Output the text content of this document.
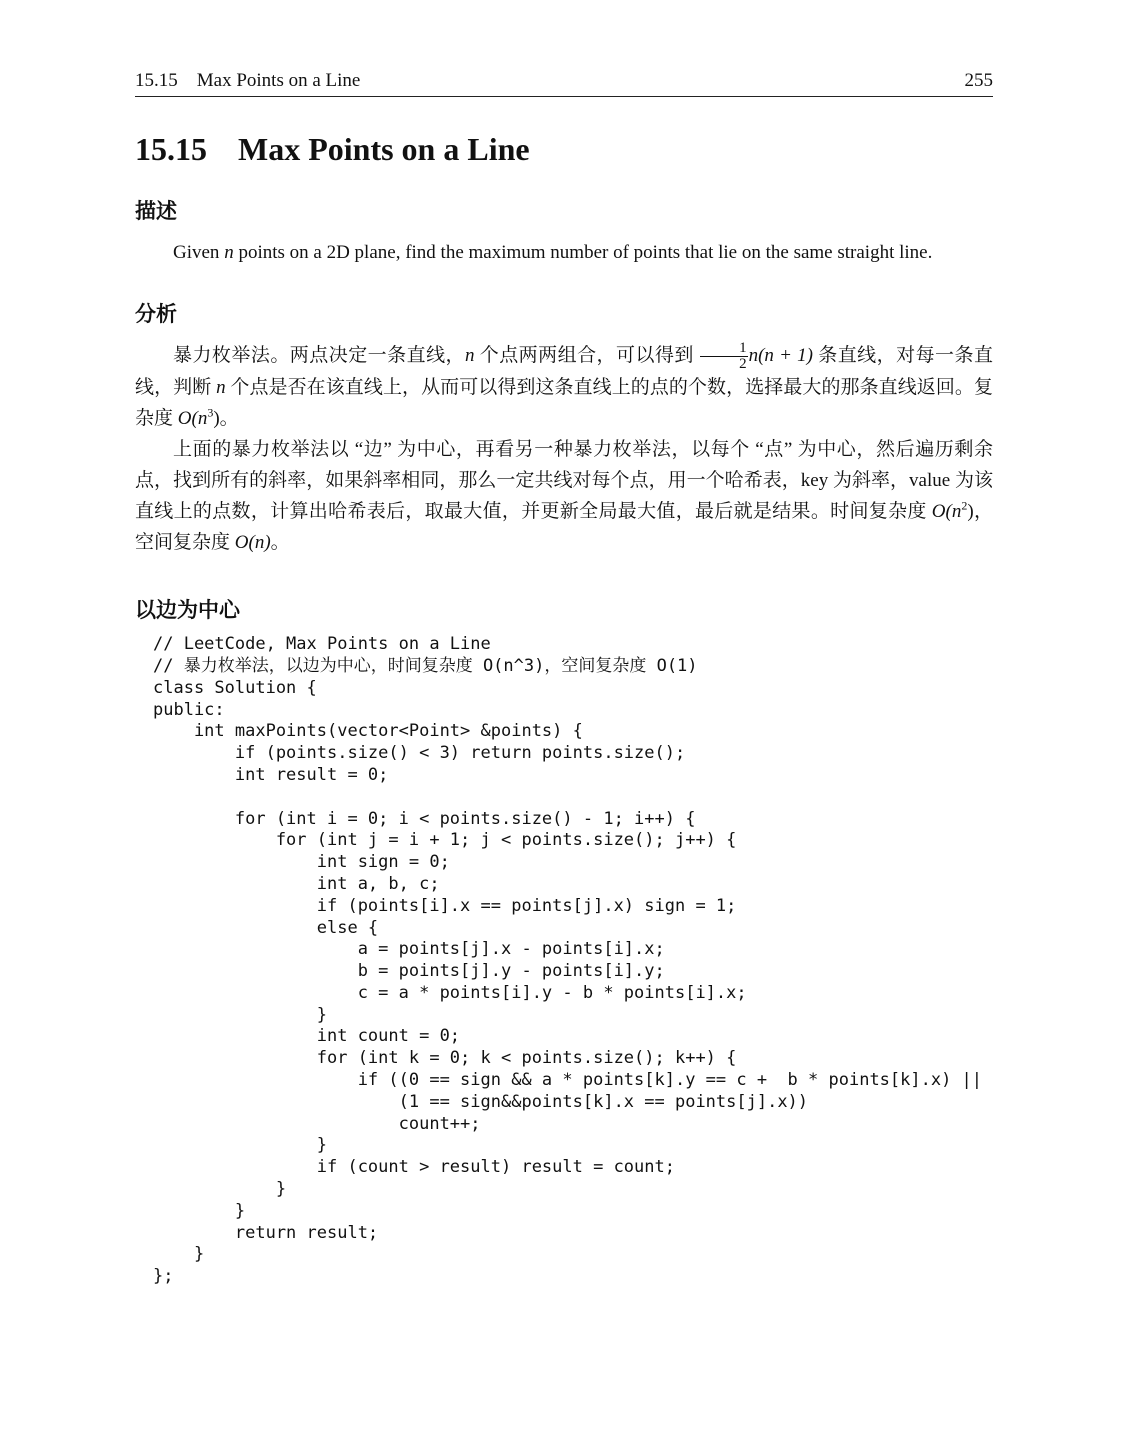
15.15    Max Points on a Line	255
15.15 Max Points on a Line
描述

Given n points on a 2D plane, find the maximum number of points that lie on the same straight line.

分析

暴力枚举法。两点决定一条直线，n 个点两两组合，可以得到 $\frac{1}{2} n(n + 1)$ 条直线，对每一条直线，判断 n 个点是否在该直线上，从而可以得到这条直线上的点的个数，选择最大的那条直线返回。复杂度 $O(n^3)$。

上面的暴力枚举法以 “边” 为中心，再看另一种暴力枚举法，以每个 “点” 为中心，然后遍历剩余点，找到所有的斜率，如果斜率相同，那么一定共线对每个点，用一个哈希表，key 为斜率，value 为该直线上的点数，计算出哈希表后，取最大值，并更新全局最大值，最后就是结果。时间复杂度 $O(n^2)$，空间复杂度 O(n)。

以边为中心
// LeetCode, Max Points on a Line
// 暴力枚举法，以边为中心，时间复杂度 O(n^3)，空间复杂度 O(1)
class Solution {
public:
int maxPoints(vector<Point> &points) {
if (points.size() < 3) return points.size();
int result = 0;

for (int i = 0; i < points.size() - 1; i++) {
for (int j = i + 1; j < points.size(); j++) {
int sign = 0;
int a, b, c;
if (points[i].x == points[j].x) sign = 1;
else {
a = points[j].x - points[i].x;
b = points[j].y - points[i].y;
c = a * points[i].y - b * points[i].x;
}
int count = 0;
for (int k = 0; k < points.size(); k++) {
if ((0 == sign && a * points[k].y == c +  b * points[k].x) ||
(1 == sign&&points[k].x == points[j].x))
count++;
}
if (count > result) result = count;
}
}
return result;
}
};
